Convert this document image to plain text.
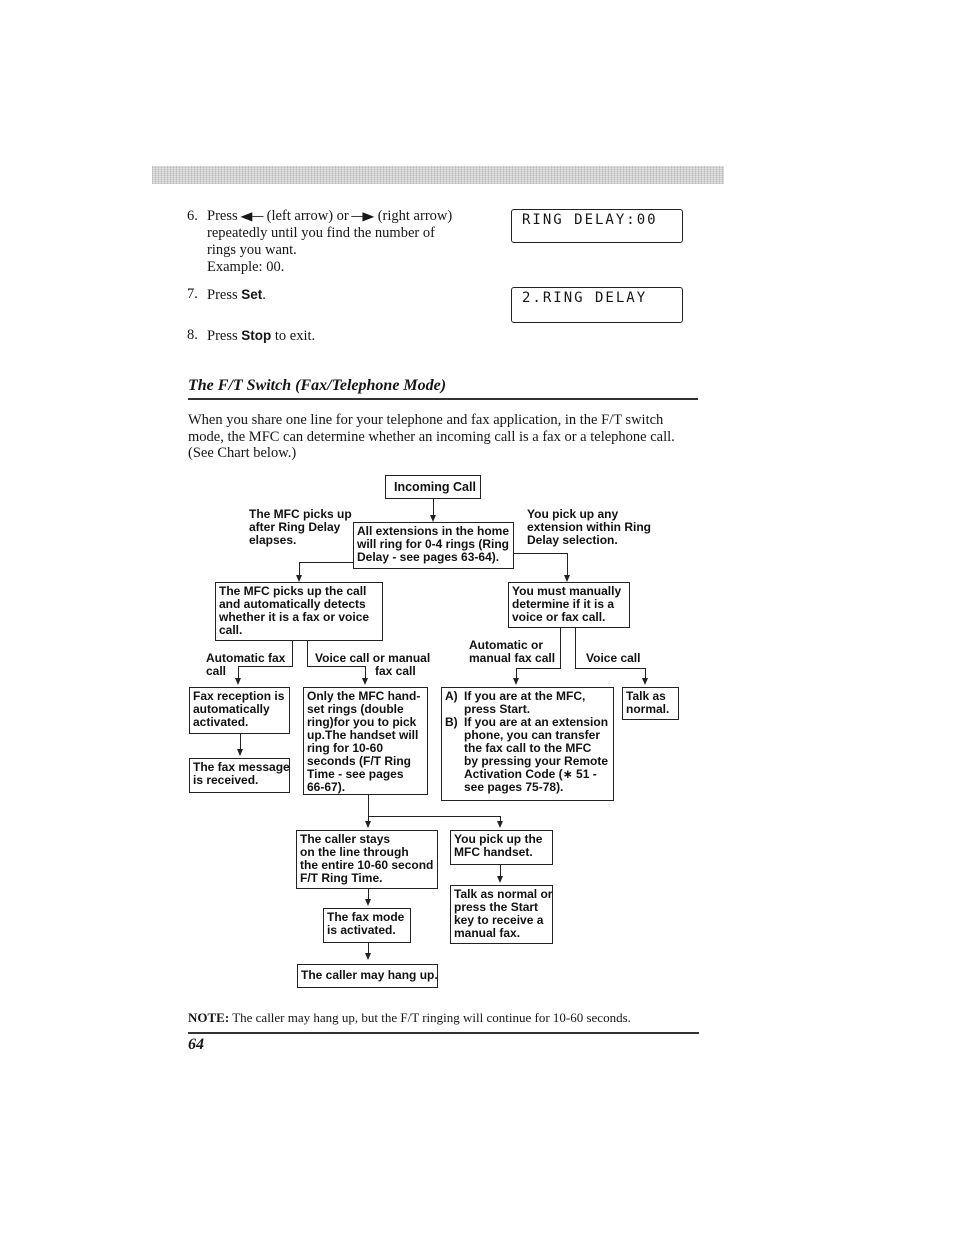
6. Press ◀─ (left arrow) or ─▶ (right arrow)
repeatedly until you find the number of
rings you want.
Example: 00.
RING DELAY:00
7. Press Set.	2.RING DELAY
8. Press Stop to exit.
The F/T Switch (Fax/Telephone Mode)
When you share one line for your telephone and fax application, in the F/T switch
mode, the MFC can determine whether an incoming call is a fax or a telephone call.
(See Chart below.)
Incoming Call
The MFC picks up
after Ring Delay
elapses.
All extensions in the home
will ring for 0-4 rings (Ring
Delay - see pages 63-64).
You pick up any
extension within Ring
Delay selection.
The MFC picks up the call
and automatically detects
whether it is a fax or voice
call.
You must manually
determine if it is a
voice or fax call.
Automatic fax
call
Voice call or manual
fax call
Automatic or
manual fax call	Voice call
Fax reception is
automatically
activated.
The fax message
is received.
Only the MFC hand-
set rings (double
ring)for you to pick
up.The handset will
ring for 10-60
seconds (F/T Ring
Time - see pages
66-67).
A) If you are at the MFC,
press Start.
B) If you are at an extension
phone, you can transfer
the fax call to the MFC
by pressing your Remote
Activation Code (∗ 51 -
see pages 75-78).
Talk as
normal.
The caller stays
on the line through
the entire 10-60 second
F/T Ring Time.
The fax mode
is activated.
The caller may hang up.
You pick up the
MFC handset.
Talk as normal or
press the Start
key to receive a
manual fax.
NOTE: The caller may hang up, but the F/T ringing will continue for 10-60 seconds.
64
